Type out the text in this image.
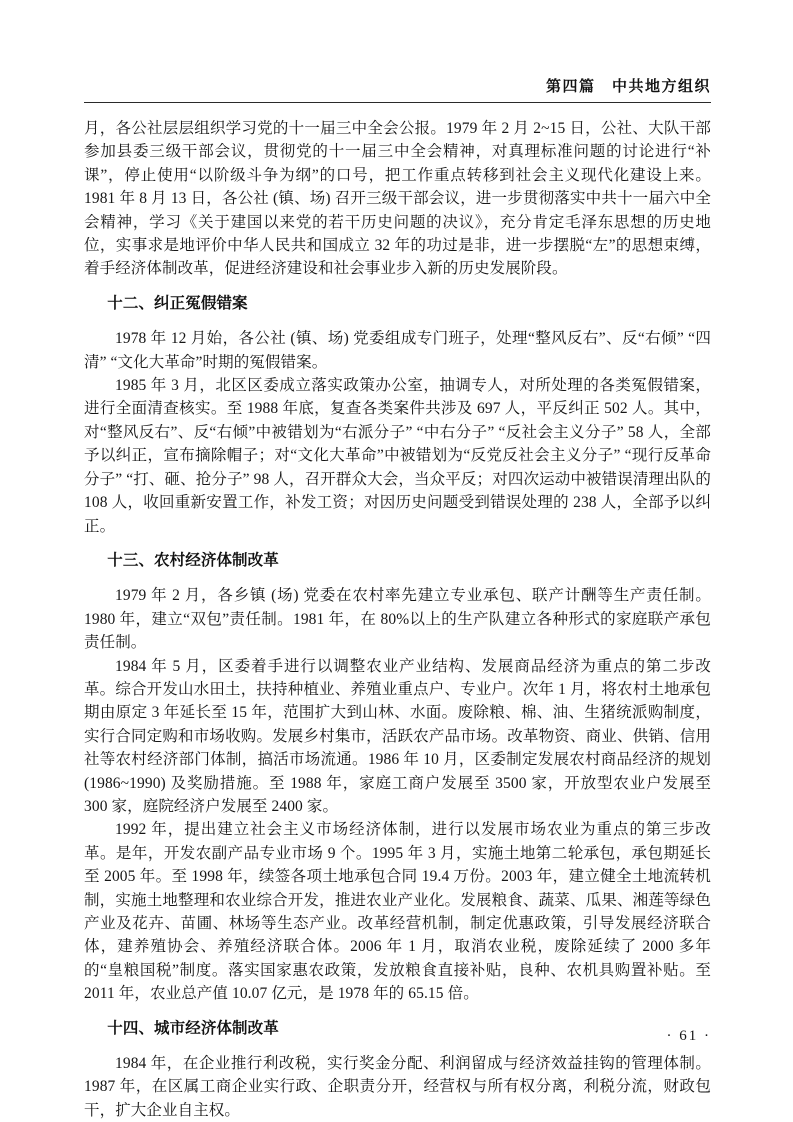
第四篇　中共地方组织

月，各公社层层组织学习党的十一届三中全会公报。1979 年 2 月 2~15 日，公社、大队干部参加县委三级干部会议，贯彻党的十一届三中全会精神，对真理标准问题的讨论进行“补课”，停止使用“以阶级斗争为纲”的口号，把工作重点转移到社会主义现代化建设上来。1981 年 8 月 13 日，各公社 (镇、场) 召开三级干部会议，进一步贯彻落实中共十一届六中全会精神，学习《关于建国以来党的若干历史问题的决议》，充分肯定毛泽东思想的历史地位，实事求是地评价中华人民共和国成立 32 年的功过是非，进一步摆脱“左”的思想束缚，着手经济体制改革，促进经济建设和社会事业步入新的历史发展阶段。

十二、纠正冤假错案

1978 年 12 月始，各公社 (镇、场) 党委组成专门班子，处理“整风反右”、反“右倾” “四清” “文化大革命”时期的冤假错案。

1985 年 3 月，北区区委成立落实政策办公室，抽调专人，对所处理的各类冤假错案，进行全面清查核实。至 1988 年底，复查各类案件共涉及 697 人，平反纠正 502 人。其中，对“整风反右”、反“右倾”中被错划为“右派分子” “中右分子” “反社会主义分子” 58 人，全部予以纠正，宣布摘除帽子；对“文化大革命”中被错划为“反党反社会主义分子” “现行反革命分子” “打、砸、抢分子” 98 人，召开群众大会，当众平反；对四次运动中被错误清理出队的 108 人，收回重新安置工作，补发工资；对因历史问题受到错误处理的 238 人，全部予以纠正。

十三、农村经济体制改革

1979 年 2 月，各乡镇 (场) 党委在农村率先建立专业承包、联产计酬等生产责任制。1980 年，建立“双包”责任制。1981 年，在 80%以上的生产队建立各种形式的家庭联产承包责任制。

1984 年 5 月，区委着手进行以调整农业产业结构、发展商品经济为重点的第二步改革。综合开发山水田土，扶持种植业、养殖业重点户、专业户。次年 1 月，将农村土地承包期由原定 3 年延长至 15 年，范围扩大到山林、水面。废除粮、棉、油、生猪统派购制度，实行合同定购和市场收购。发展乡村集市，活跃农产品市场。改革物资、商业、供销、信用社等农村经济部门体制，搞活市场流通。1986 年 10 月，区委制定发展农村商品经济的规划 (1986~1990) 及奖励措施。至 1988 年，家庭工商户发展至 3500 家，开放型农业户发展至 300 家，庭院经济户发展至 2400 家。

1992 年，提出建立社会主义市场经济体制，进行以发展市场农业为重点的第三步改革。是年，开发农副产品专业市场 9 个。1995 年 3 月，实施土地第二轮承包，承包期延长至 2005 年。至 1998 年，续签各项土地承包合同 19.4 万份。2003 年，建立健全土地流转机制，实施土地整理和农业综合开发，推进农业产业化。发展粮食、蔬菜、瓜果、湘莲等绿色产业及花卉、苗圃、林场等生态产业。改革经营机制，制定优惠政策，引导发展经济联合体，建养殖协会、养殖经济联合体。2006 年 1 月，取消农业税，废除延续了 2000 多年的“皇粮国税”制度。落实国家惠农政策，发放粮食直接补贴，良种、农机具购置补贴。至 2011 年，农业总产值 10.07 亿元，是 1978 年的 65.15 倍。

十四、城市经济体制改革

1984 年，在企业推行利改税，实行奖金分配、利润留成与经济效益挂钩的管理体制。1987 年，在区属工商企业实行政、企职责分开，经营权与所有权分离，利税分流，财政包干，扩大企业自主权。

· 61 ·
